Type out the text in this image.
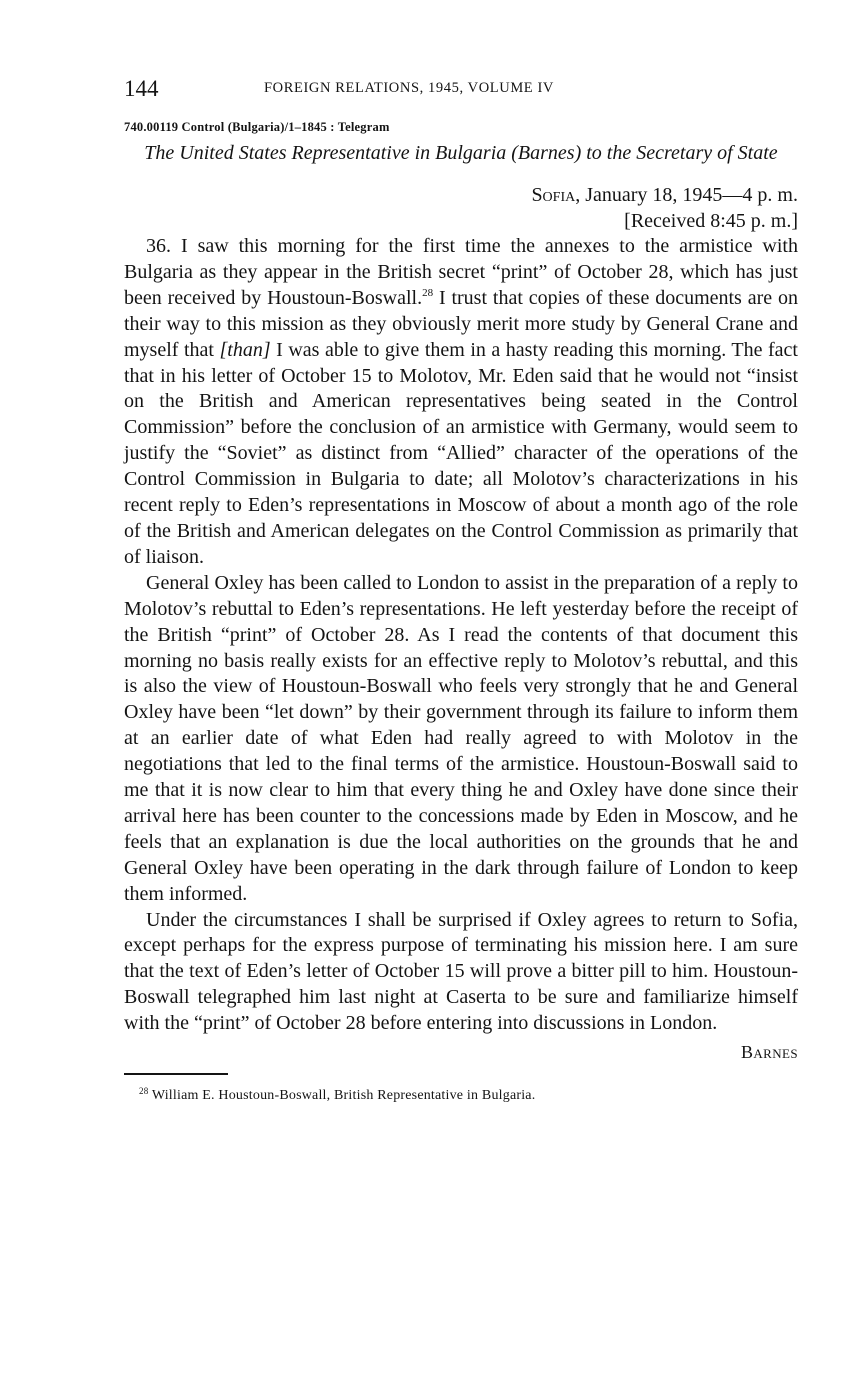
144	FOREIGN RELATIONS, 1945, VOLUME IV
740.00119 Control (Bulgaria)/1–1845 : Telegram
The United States Representative in Bulgaria (Barnes) to the Secretary of State
Sofia, January 18, 1945—4 p. m.
[Received 8:45 p. m.]

36. I saw this morning for the first time the annexes to the armistice with Bulgaria as they appear in the British secret “print” of October 28, which has just been received by Houstoun-Boswall.$^{28}$ I trust that copies of these documents are on their way to this mission as they obviously merit more study by General Crane and myself that [than] I was able to give them in a hasty reading this morning. The fact that in his letter of October 15 to Molotov, Mr. Eden said that he would not “insist on the British and American representatives being seated in the Control Commission” before the conclusion of an armistice with Germany, would seem to justify the “Soviet” as distinct from “Allied” character of the operations of the Control Commission in Bulgaria to date; all Molotov’s characterizations in his recent reply to Eden’s representations in Moscow of about a month ago of the role of the British and American delegates on the Control Commission as primarily that of liaison.

General Oxley has been called to London to assist in the preparation of a reply to Molotov’s rebuttal to Eden’s representations. He left yesterday before the receipt of the British “print” of October 28. As I read the contents of that document this morning no basis really exists for an effective reply to Molotov’s rebuttal, and this is also the view of Houstoun-Boswall who feels very strongly that he and General Oxley have been “let down” by their government through its failure to inform them at an earlier date of what Eden had really agreed to with Molotov in the negotiations that led to the final terms of the armistice. Houstoun-Boswall said to me that it is now clear to him that every thing he and Oxley have done since their arrival here has been counter to the concessions made by Eden in Moscow, and he feels that an explanation is due the local authorities on the grounds that he and General Oxley have been operating in the dark through failure of London to keep them informed.

Under the circumstances I shall be surprised if Oxley agrees to return to Sofia, except perhaps for the express purpose of terminating his mission here. I am sure that the text of Eden’s letter of October 15 will prove a bitter pill to him. Houstoun-Boswall telegraphed him last night at Caserta to be sure and familiarize himself with the “print” of October 28 before entering into discussions in London.

Barnes
$^{28}$ William E. Houstoun-Boswall, British Representative in Bulgaria.
